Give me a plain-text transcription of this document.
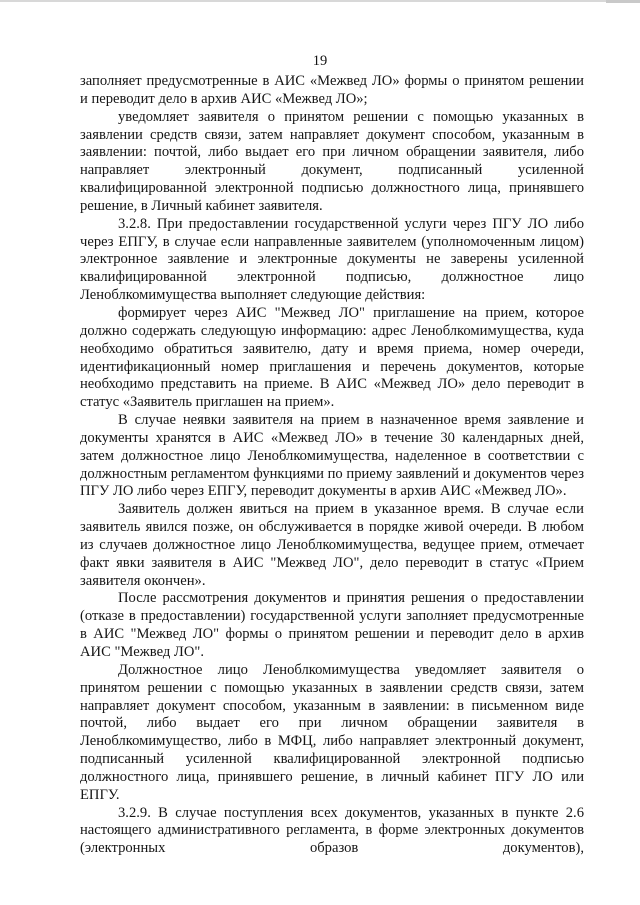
19

заполняет предусмотренные в АИС «Межвед ЛО» формы о принятом решении и переводит дело в архив АИС «Межвед ЛО»;

уведомляет заявителя о принятом решении с помощью указанных в заявлении средств связи, затем направляет документ способом, указанным в заявлении: почтой, либо выдает его при личном обращении заявителя, либо направляет электронный документ, подписанный усиленной квалифицированной электронной подписью должностного лица, принявшего решение, в Личный кабинет заявителя.

3.2.8. При предоставлении государственной услуги через ПГУ ЛО либо через ЕПГУ, в случае если направленные заявителем (уполномоченным лицом) электронное заявление и электронные документы не заверены усиленной квалифицированной электронной подписью, должностное лицо Леноблкомимущества выполняет следующие действия:

формирует через АИС "Межвед ЛО" приглашение на прием, которое должно содержать следующую информацию: адрес Леноблкомимущества, куда необходимо обратиться заявителю, дату и время приема, номер очереди, идентификационный номер приглашения и перечень документов, которые необходимо представить на приеме. В АИС «Межвед ЛО» дело переводит в статус «Заявитель приглашен на прием».

В случае неявки заявителя на прием в назначенное время заявление и документы хранятся в АИС «Межвед ЛО» в течение 30 календарных дней, затем должностное лицо Леноблкомимущества, наделенное в соответствии с должностным регламентом функциями по приему заявлений и документов через ПГУ ЛО либо через ЕПГУ, переводит документы в архив АИС «Межвед ЛО».

Заявитель должен явиться на прием в указанное время. В случае если заявитель явился позже, он обслуживается в порядке живой очереди. В любом из случаев должностное лицо Леноблкомимущества, ведущее прием, отмечает факт явки заявителя в АИС "Межвед ЛО", дело переводит в статус «Прием заявителя окончен».

После рассмотрения документов и принятия решения о предоставлении (отказе в предоставлении) государственной услуги заполняет предусмотренные в АИС "Межвед ЛО" формы о принятом решении и переводит дело в архив АИС "Межвед ЛО".

Должностное лицо Леноблкомимущества уведомляет заявителя о принятом решении с помощью указанных в заявлении средств связи, затем направляет документ способом, указанным в заявлении: в письменном виде почтой, либо выдает его при личном обращении заявителя в Леноблкомимущество, либо в МФЦ, либо направляет электронный документ, подписанный усиленной квалифицированной электронной подписью должностного лица, принявшего решение, в личный кабинет ПГУ ЛО или ЕПГУ.

3.2.9. В случае поступления всех документов, указанных в пункте 2.6 настоящего административного регламента, в форме электронных документов (электронных образов документов),
